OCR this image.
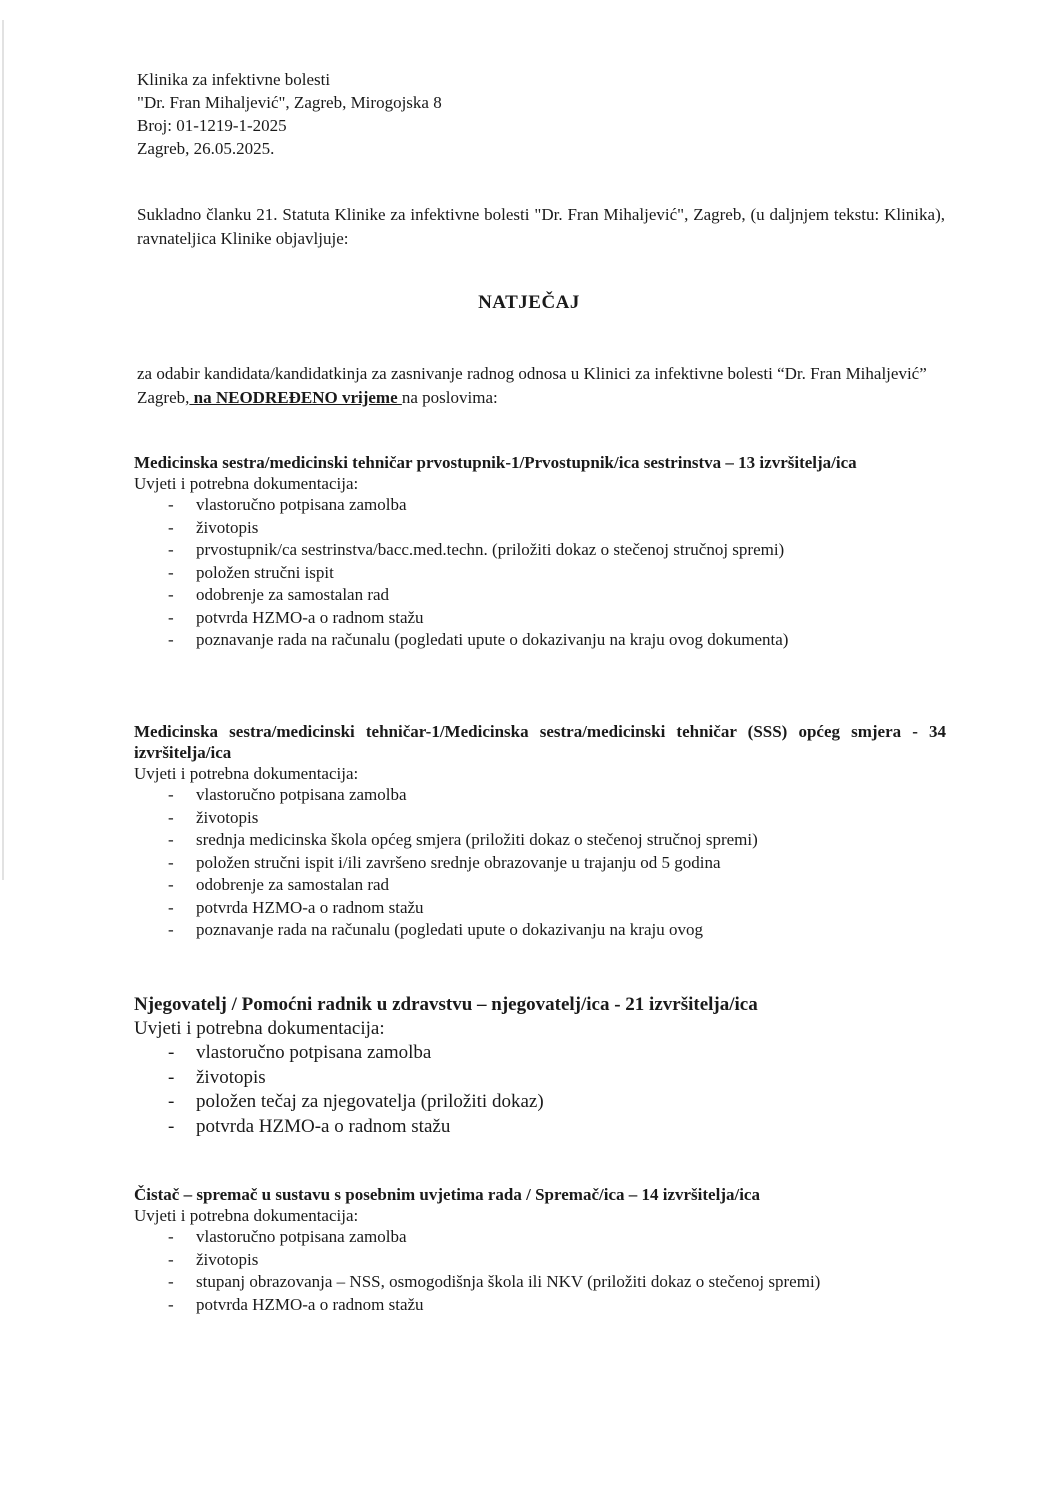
Klinika za infektivne bolesti
"Dr. Fran Mihaljević", Zagreb, Mirogojska 8
Broj: 01-1219-1-2025
Zagreb, 26.05.2025.
Sukladno članku 21. Statuta Klinike za infektivne bolesti "Dr. Fran Mihaljević", Zagreb, (u daljnjem tekstu: Klinika), ravnateljica Klinike objavljuje:
NATJEČAJ
za odabir kandidata/kandidatkinja za zasnivanje radnog odnosa u Klinici za infektivne bolesti “Dr. Fran Mihaljević” Zagreb, na NEODREĐENO vrijeme na poslovima:
Medicinska sestra/medicinski tehničar prvostupnik-1/Prvostupnik/ica sestrinstva – 13 izvršitelja/ica
Uvjeti i potrebna dokumentacija:
- vlastoručno potpisana zamolba
- životopis
- prvostupnik/ca sestrinstva/bacc.med.techn. (priložiti dokaz o stečenoj stručnoj spremi)
- položen stručni ispit
- odobrenje za samostalan rad
- potvrda HZMO-a o radnom stažu
- poznavanje rada na računalu (pogledati upute o dokazivanju na kraju ovog dokumenta)
Medicinska sestra/medicinski tehničar-1/Medicinska sestra/medicinski tehničar (SSS) općeg smjera - 34 izvršitelja/ica
Uvjeti i potrebna dokumentacija:
- vlastoručno potpisana zamolba
- životopis
- srednja medicinska škola općeg smjera (priložiti dokaz o stečenoj stručnoj spremi)
- položen stručni ispit i/ili završeno srednje obrazovanje u trajanju od 5 godina
- odobrenje za samostalan rad
- potvrda HZMO-a o radnom stažu
- poznavanje rada na računalu (pogledati upute o dokazivanju na kraju ovog
Njegovatelj / Pomoćni radnik u zdravstvu – njegovatelj/ica - 21 izvršitelja/ica
Uvjeti i potrebna dokumentacija:
- vlastoručno potpisana zamolba
- životopis
- položen tečaj za njegovatelja (priložiti dokaz)
- potvrda HZMO-a o radnom stažu
Čistač – spremač u sustavu s posebnim uvjetima rada / Spremač/ica – 14 izvršitelja/ica
Uvjeti i potrebna dokumentacija:
- vlastoručno potpisana zamolba
- životopis
- stupanj obrazovanja – NSS, osmogodišnja škola ili NKV (priložiti dokaz o stečenoj spremi)
- potvrda HZMO-a o radnom stažu
